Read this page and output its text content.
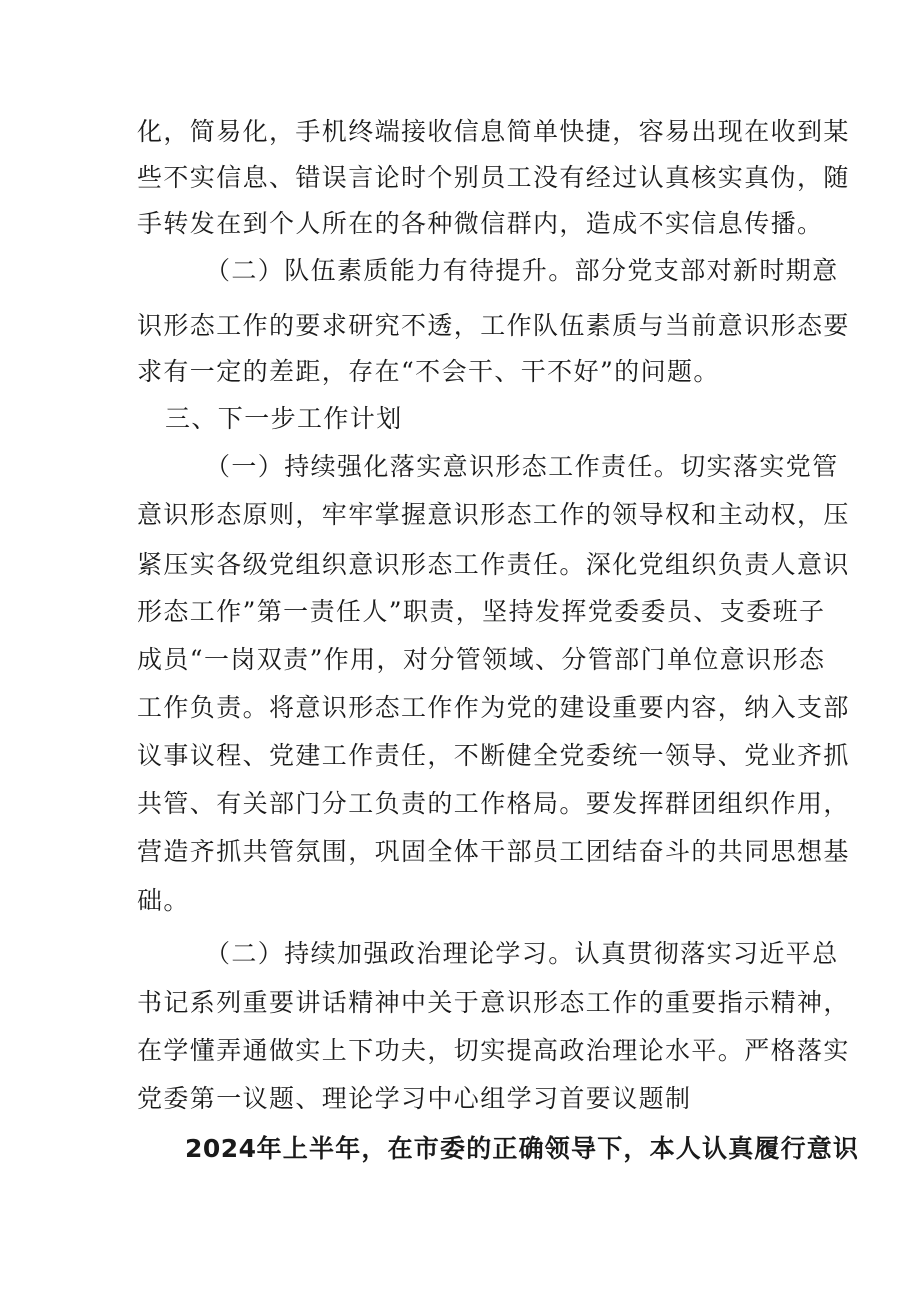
化，简易化，手机终端接收信息简单快捷，容易出现在收到某
些不实信息、错误言论时个别员工没有经过认真核实真伪，随
手转发在到个人所在的各种微信群内，造成不实信息传播。
（二）队伍素质能力有待提升。部分党支部对新时期意
识形态工作的要求研究不透，工作队伍素质与当前意识形态要
求有一定的差距，存在“不会干、干不好”的问题。
三、下一步工作计划
（一）持续强化落实意识形态工作责任。切实落实党管
意识形态原则，牢牢掌握意识形态工作的领导权和主动权，压
紧压实各级党组织意识形态工作责任。深化党组织负责人意识
形态工作”第一责任人”职责，坚持发挥党委委员、支委班子
成员“一岗双责”作用，对分管领域、分管部门单位意识形态
工作负责。将意识形态工作作为党的建设重要内容，纳入支部
议事议程、党建工作责任，不断健全党委统一领导、党业齐抓
共管、有关部门分工负责的工作格局。要发挥群团组织作用，
营造齐抓共管氛围，巩固全体干部员工团结奋斗的共同思想基
础。
（二）持续加强政治理论学习。认真贯彻落实习近平总
书记系列重要讲话精神中关于意识形态工作的重要指示精神，
在学懂弄通做实上下功夫，切实提高政治理论水平。严格落实
党委第一议题、理论学习中心组学习首要议题制
2024年上半年，在市委的正确领导下，本人认真履行意识
